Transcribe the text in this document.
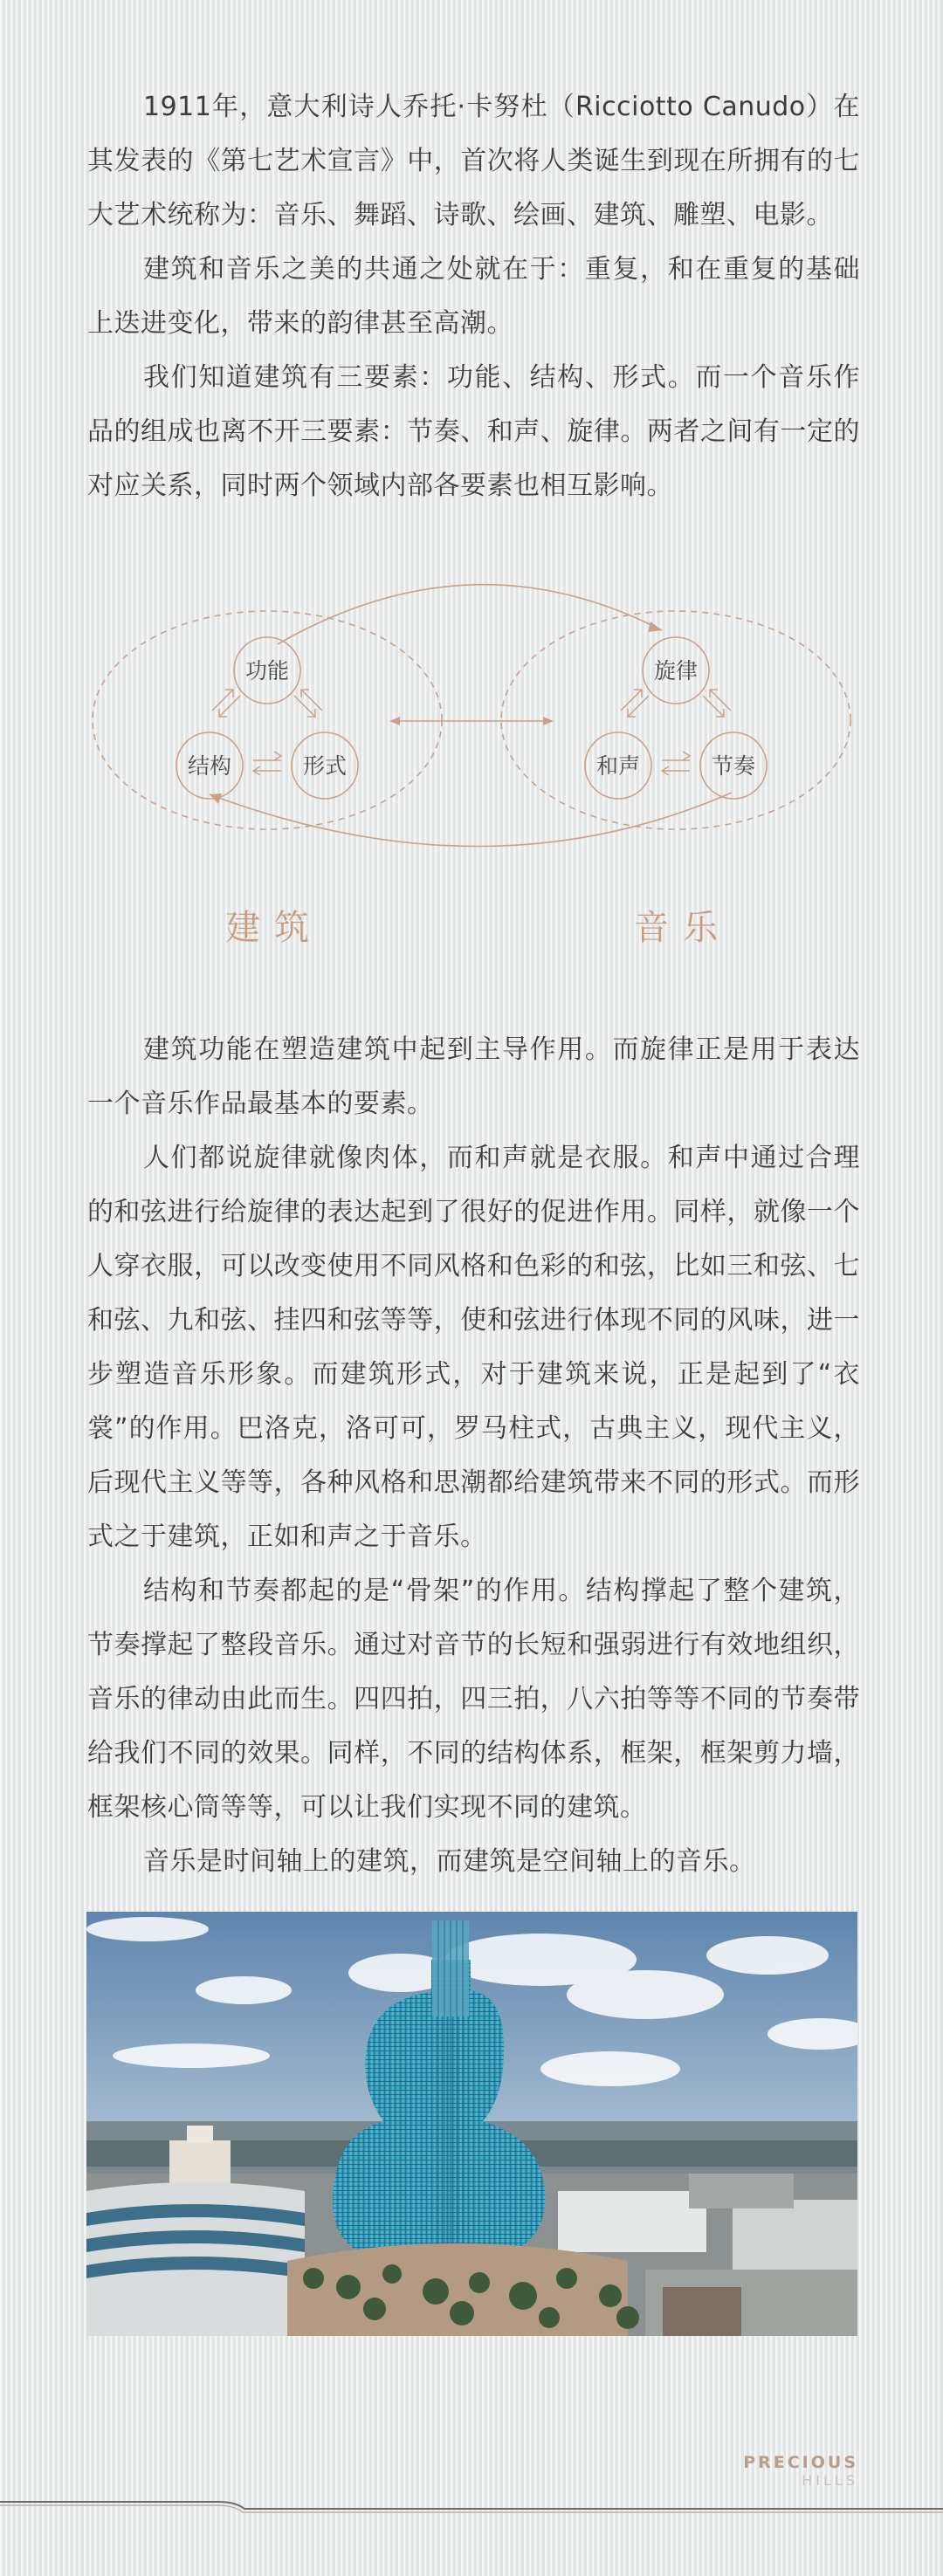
1911年，意大利诗人乔托·卡努杜（Ricciotto Canudo）在其发表的《第七艺术宣言》中，首次将人类诞生到现在所拥有的七大艺术统称为：音乐、舞蹈、诗歌、绘画、建筑、雕塑、电影。

建筑和音乐之美的共通之处就在于：重复，和在重复的基础上迭进变化，带来的韵律甚至高潮。

我们知道建筑有三要素：功能、结构、形式。而一个音乐作品的组成也离不开三要素：节奏、和声、旋律。两者之间有一定的对应关系，同时两个领域内部各要素也相互影响。

功能
结构	形式
旋律
和声	节奏
建筑	音乐

建筑功能在塑造建筑中起到主导作用。而旋律正是用于表达一个音乐作品最基本的要素。

人们都说旋律就像肉体，而和声就是衣服。和声中通过合理的和弦进行给旋律的表达起到了很好的促进作用。同样，就像一个人穿衣服，可以改变使用不同风格和色彩的和弦，比如三和弦、七和弦、九和弦、挂四和弦等等，使和弦进行体现不同的风味，进一步塑造音乐形象。而建筑形式，对于建筑来说，正是起到了“衣裳”的作用。巴洛克，洛可可，罗马柱式，古典主义，现代主义，后现代主义等等，各种风格和思潮都给建筑带来不同的形式。而形式之于建筑，正如和声之于音乐。

结构和节奏都起的是“骨架”的作用。结构撑起了整个建筑，节奏撑起了整段音乐。通过对音节的长短和强弱进行有效地组织，音乐的律动由此而生。四四拍，四三拍，八六拍等等不同的节奏带给我们不同的效果。同样，不同的结构体系，框架，框架剪力墙，框架核心筒等等，可以让我们实现不同的建筑。

音乐是时间轴上的建筑，而建筑是空间轴上的音乐。

PRECIOUS
HILLS
